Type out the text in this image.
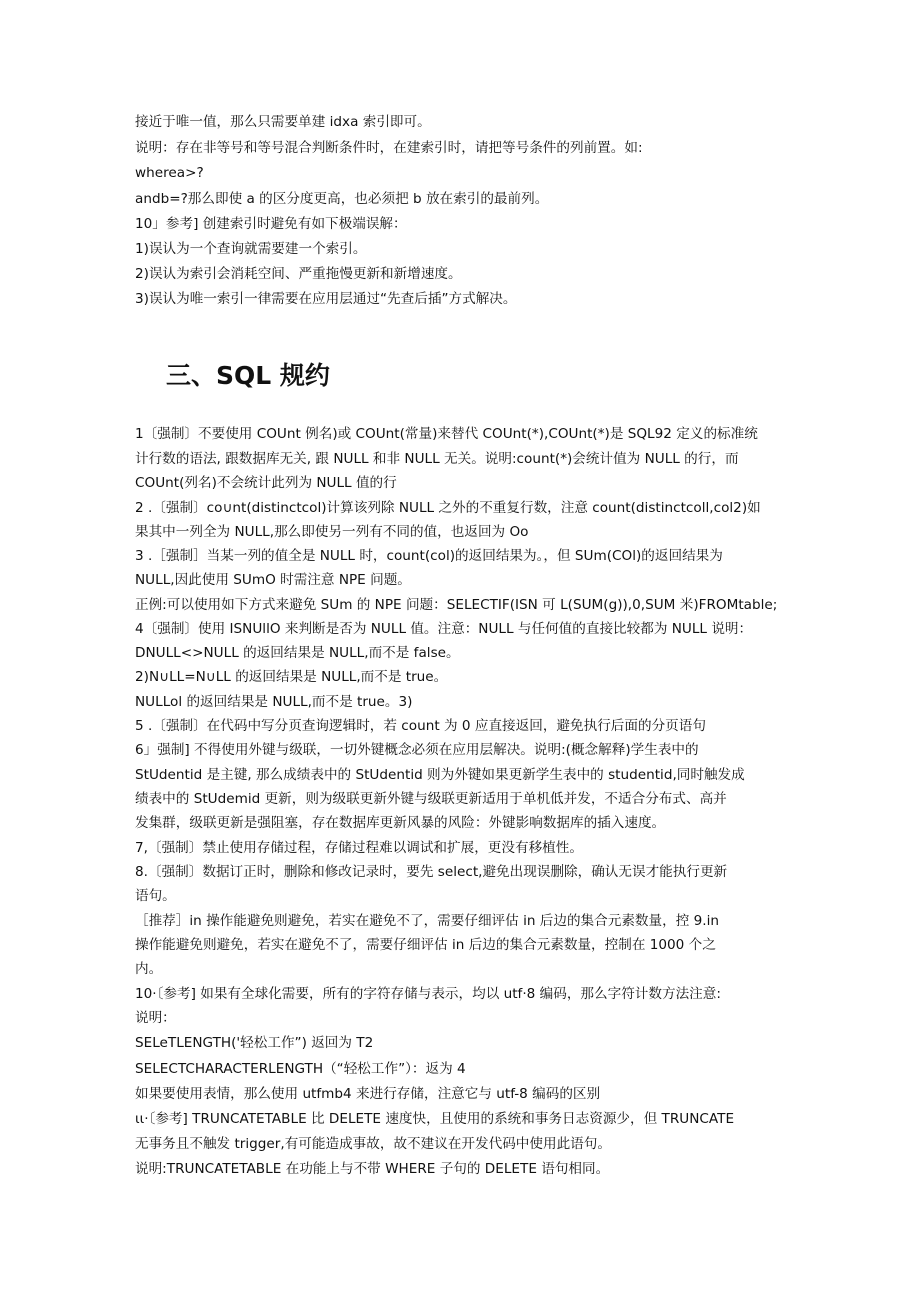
接近于唯一值，那么只需要单建 idxa 索引即可。
说明：存在非等号和等号混合判断条件时，在建索引时，请把等号条件的列前置。如:
wherea>?
andb=?那么即使 a 的区分度更高，也必须把 b 放在索引的最前列。
10」参考] 创建索引时避免有如下极端误解：
1)误认为一个查询就需要建一个索引。
2)误认为索引会消耗空间、严重拖慢更新和新增速度。
3)误认为唯一索引一律需要在应用层通过“先查后插”方式解决。
三、SQL 规约
1〔强制〕不要使用 COUnt 例名)或 COUnt(常量)来替代 COUnt(*),COUnt(*)是 SQL92 定义的标准统
计行数的语法, 跟数据库无关, 跟 NULL 和非 NULL 无关。说明:count(*)会统计值为 NULL 的行，而
COUnt(列名)不会统计此列为 NULL 值的行
2 .〔强制〕co∪nt(distinctcol)计算该列除 NULL 之外的不重复行数，注意 count(distinctcoll,col2)如
果其中一列全为 NULL,那么即使另一列有不同的值，也返回为 Oo
3 .［强制］当某一列的值全是 NULL 时，count(col)的返回结果为。，但 SUm(COl)的返回结果为
NULL,因此使用 SUmO 时需注意 NPE 问题。
正例:可以使用如下方式来避免 SUm 的 NPE 问题：SELECTIF(ISN 可 L(SUM(g)),0,SUM 米)FROMtable;
4〔强制〕使用 ISNUllO 来判断是否为 NULL 值。注意：NULL 与任何值的直接比较都为 NULL 说明：
DNULL<>NULL 的返回结果是 NULL,而不是 false。
2)N∪LL=N∪LL 的返回结果是 NULL,而不是 true。
NULLol 的返回结果是 NULL,而不是 true。3)
5 .〔强制〕在代码中写分页查询逻辑时，若 count 为 0 应直接返回，避免执行后面的分页语句
6」强制] 不得使用外键与级联，一切外键概念必须在应用层解决。说明:(概念解释)学生表中的
StUdentid 是主键, 那么成绩表中的 StUdentid 则为外键如果更新学生表中的 studentid,同时触发成
绩表中的 StUdemid 更新，则为级联更新外键与级联更新适用于单机低并发，不适合分布式、高并
发集群，级联更新是强阻塞，存在数据库更新风暴的风险：外键影响数据库的插入速度。
7,〔强制〕禁止使用存储过程，存储过程难以调试和扩展，更没有移植性。
8.〔强制〕数据订正时，删除和修改记录时，要先 select,避免出现误删除，确认无误才能执行更新
语句。
［推荐］in 操作能避免则避免，若实在避免不了，需要仔细评估 in 后边的集合元素数量，控 9.in
操作能避免则避免，若实在避免不了，需要仔细评估 in 后边的集合元素数量，控制在 1000 个之
内。
10·〔参考] 如果有全球化需要，所有的字符存储与表示，均以 utf·8 编码，那么字符计数方法注意:
说明：
SELeTLENGTH('轻松工作”) 返回为 T2
SELECTCHARACTERLENGTH（“轻松工作”）：返为 4
如果要使用表情，那么使用 utfmb4 来进行存储，注意它与 utf-8 编码的区别
ιι·〔参考] TRUNCATETABLE 比 DELETE 速度快，且使用的系统和事务日志资源少，但 TRUNCATE
无事务且不触发 trigger,有可能造成事故，故不建议在开发代码中使用此语句。
说明:TRUNCATETABLE 在功能上与不带 WHERE 子句的 DELETE 语句相同。
